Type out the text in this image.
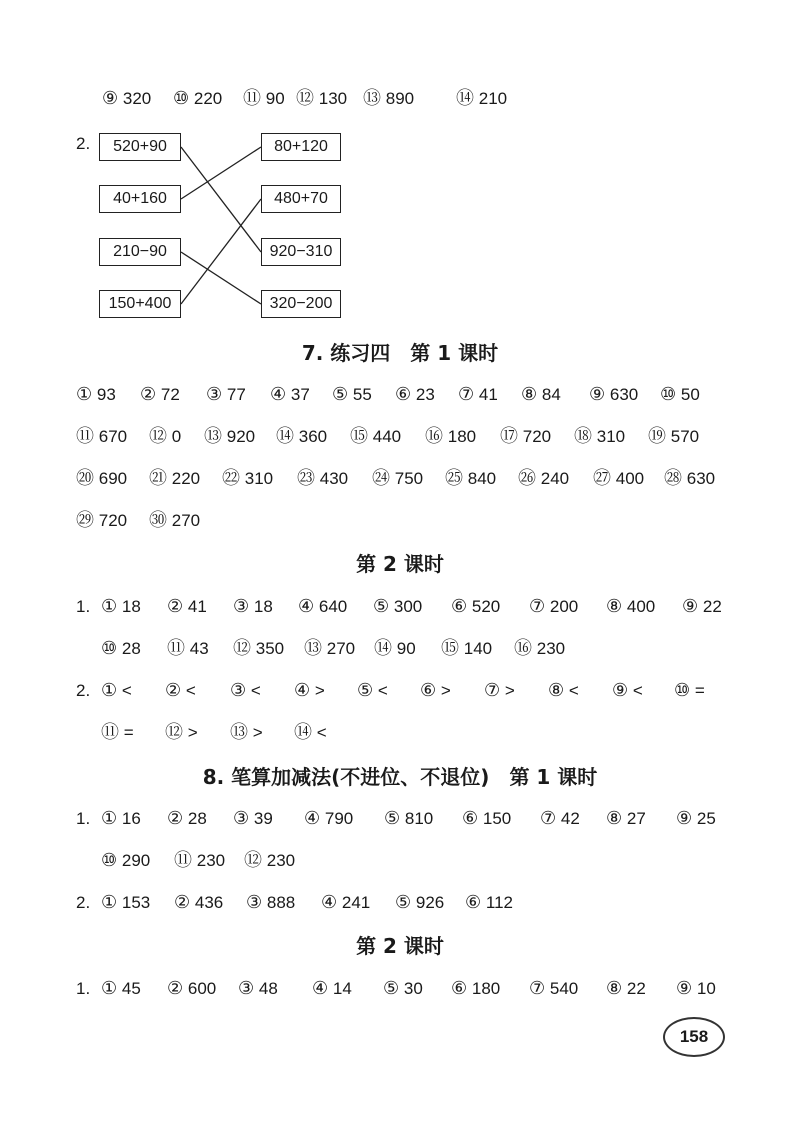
⑨ 320 ⑩ 220 ⑪ 90 ⑫ 130 ⑬ 890 ⑭ 210
2.	520+90
40+160
210−90
150+400
80+120
480+70
920−310
320−200
7. 练习四　第 1 课时
① 93 ② 72 ③ 77 ④ 37 ⑤ 55 ⑥ 23 ⑦ 41 ⑧ 84 ⑨ 630 ⑩ 50
⑪ 670 ⑫ 0 ⑬ 920 ⑭ 360 ⑮ 440 ⑯ 180 ⑰ 720 ⑱ 310 ⑲ 570
⑳ 690 ㉑ 220 ㉒ 310 ㉓ 430 ㉔ 750 ㉕ 840 ㉖ 240 ㉗ 400 ㉘ 630
㉙ 720 ㉚ 270
第 2 课时
1. ① 18 ② 41 ③ 18 ④ 640 ⑤ 300 ⑥ 520 ⑦ 200 ⑧ 400 ⑨ 22
⑩ 28 ⑪ 43 ⑫ 350 ⑬ 270 ⑭ 90 ⑮ 140 ⑯ 230
2. ① < ② < ③ < ④ > ⑤ < ⑥ > ⑦ > ⑧ < ⑨ < ⑩ =
⑪ = ⑫ > ⑬ > ⑭ <
8. 笔算加减法(不进位、不退位)　第 1 课时
1. ① 16 ② 28 ③ 39 ④ 790 ⑤ 810 ⑥ 150 ⑦ 42 ⑧ 27 ⑨ 25
⑩ 290 ⑪ 230 ⑫ 230
2. ① 153 ② 436 ③ 888 ④ 241 ⑤ 926 ⑥ 112
第 2 课时
1. ① 45 ② 600 ③ 48 ④ 14 ⑤ 30 ⑥ 180 ⑦ 540 ⑧ 22 ⑨ 10
158
